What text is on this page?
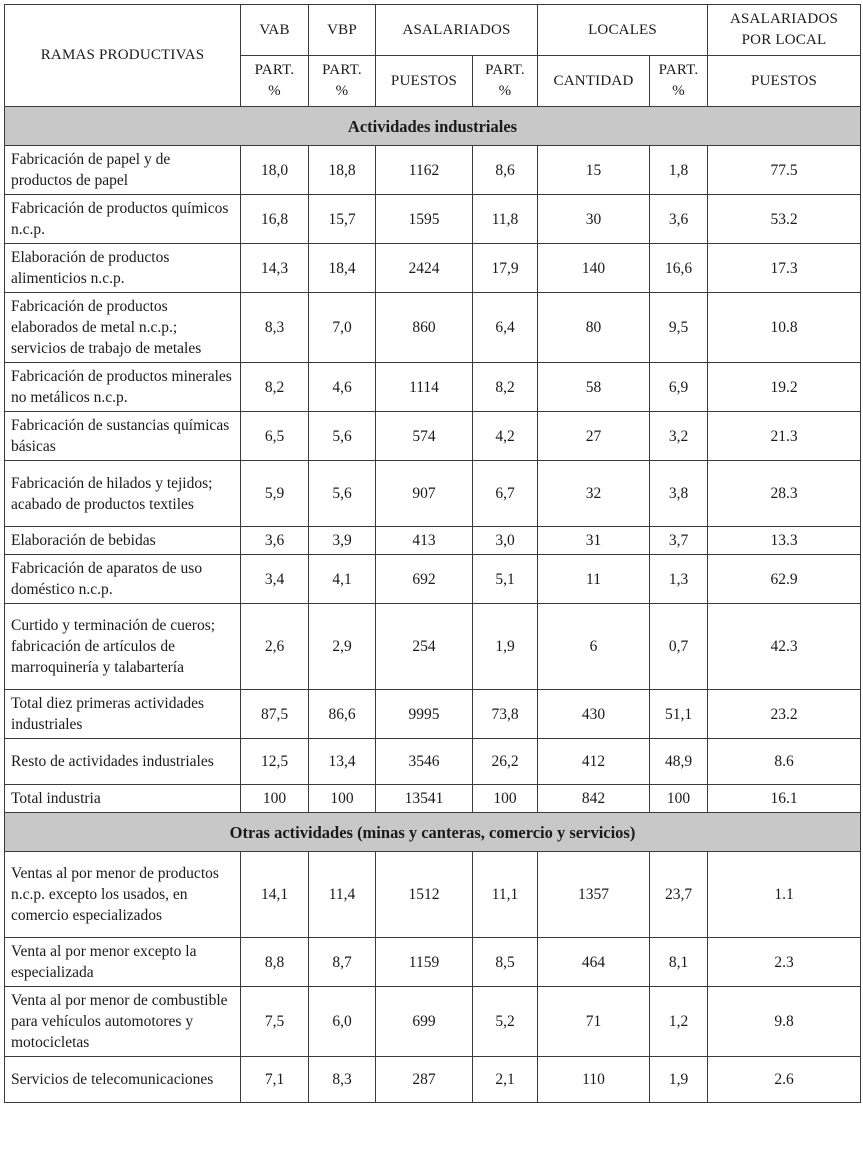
RAMAS PRODUCTIVAS	VAB	VBP	ASALARIADOS		LOCALES		ASALARIADOS POR LOCAL
	PART. %	PART. %	PUESTOS	PART. %	CANTIDAD	PART. %	PUESTOS
Actividades industriales							
Fabricación de papel y de productos de papel	18,0	18,8	1162	8,6	15	1,8	77.5
Fabricación de productos químicos n.c.p.	16,8	15,7	1595	11,8	30	3,6	53.2
Elaboración de productos alimenticios n.c.p.	14,3	18,4	2424	17,9	140	16,6	17.3
Fabricación de productos elaborados de metal n.c.p.; servicios de trabajo de metales	8,3	7,0	860	6,4	80	9,5	10.8
Fabricación de productos minerales no metálicos n.c.p.	8,2	4,6	1114	8,2	58	6,9	19.2
Fabricación de sustancias químicas básicas	6,5	5,6	574	4,2	27	3,2	21.3
Fabricación de hilados y tejidos; acabado de productos textiles	5,9	5,6	907	6,7	32	3,8	28.3
Elaboración de bebidas	3,6	3,9	413	3,0	31	3,7	13.3
Fabricación de aparatos de uso doméstico n.c.p.	3,4	4,1	692	5,1	11	1,3	62.9
Curtido y terminación de cueros; fabricación de artículos de marroquinería y talabartería	2,6	2,9	254	1,9	6	0,7	42.3
Total diez primeras actividades industriales	87,5	86,6	9995	73,8	430	51,1	23.2
Resto de actividades industriales	12,5	13,4	3546	26,2	412	48,9	8.6
Total industria	100	100	13541	100	842	100	16.1
Otras actividades (minas y canteras, comercio y servicios)							
Ventas al por menor de productos n.c.p. excepto los usados, en comercio especializados	14,1	11,4	1512	11,1	1357	23,7	1.1
Venta al por menor excepto la especializada	8,8	8,7	1159	8,5	464	8,1	2.3
Venta al por menor de combustible para vehículos automotores y motocicletas	7,5	6,0	699	5,2	71	1,2	9.8
Servicios de telecomunicaciones	7,1	8,3	287	2,1	110	1,9	2.6
